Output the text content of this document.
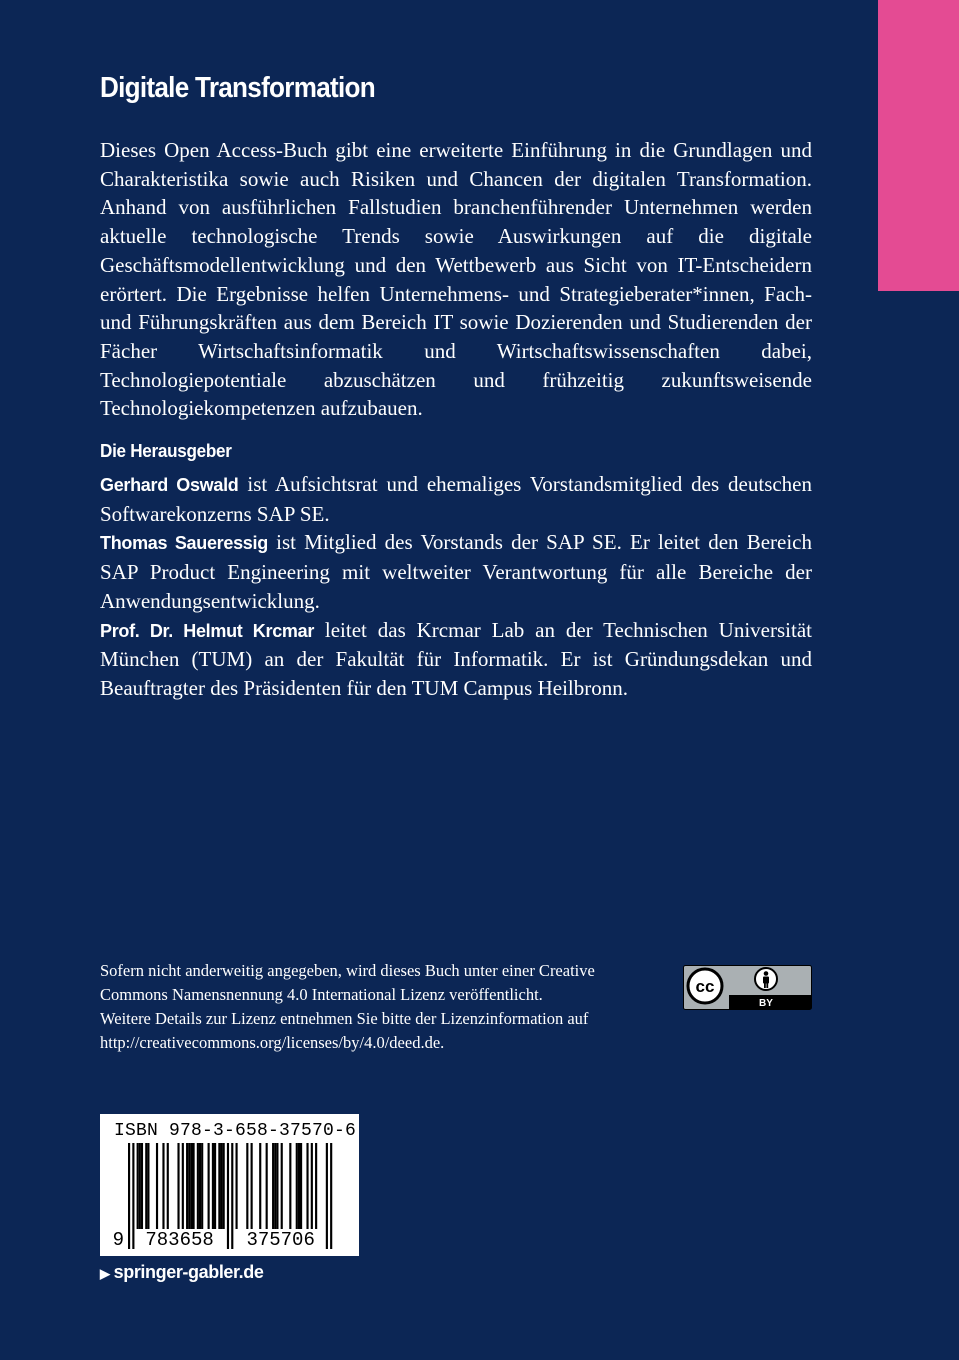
Digitale Transformation

Dieses Open Access-Buch gibt eine erweiterte Einführung in die Grundlagen und Charakteristika sowie auch Risiken und Chancen der digitalen Transformation. Anhand von ausführlichen Fallstudien branchenführender Unternehmen werden aktuelle technologische Trends sowie Auswirkungen auf die digitale Geschäftsmodellentwicklung und den Wettbewerb aus Sicht von IT-Entscheidern erörtert. Die Ergebnisse helfen Unternehmens- und Strategieberater*innen, Fach- und Führungskräften aus dem Bereich IT sowie Dozierenden und Studierenden der Fächer Wirtschaftsinformatik und Wirtschaftswissenschaften dabei, Technologiepotentiale abzuschätzen und frühzeitig zukunftsweisende Technologiekompetenzen aufzubauen.

Die Herausgeber

Gerhard Oswald ist Aufsichtsrat und ehemaliges Vorstandsmitglied des deutschen Softwarekonzerns SAP SE.

Thomas Saueressig ist Mitglied des Vorstands der SAP SE. Er leitet den Bereich SAP Product Engineering mit weltweiter Verantwortung für alle Bereiche der Anwendungsentwicklung.

Prof. Dr. Helmut Krcmar leitet das Krcmar Lab an der Technischen Universität München (TUM) an der Fakultät für Informatik. Er ist Gründungsdekan und Beauftragter des Präsidenten für den TUM Campus Heilbronn.

Sofern nicht anderweitig angegeben, wird dieses Buch unter einer Creative
Commons Namensnennung 4.0 International Lizenz veröffentlicht.
Weitere Details zur Lizenz entnehmen Sie bitte der Lizenzinformation auf
http://creativecommons.org/licenses/by/4.0/deed.de.

cc
BY

ISBN 978-3-658-37570-6

9 783658 375706

▶ springer-gabler.de
